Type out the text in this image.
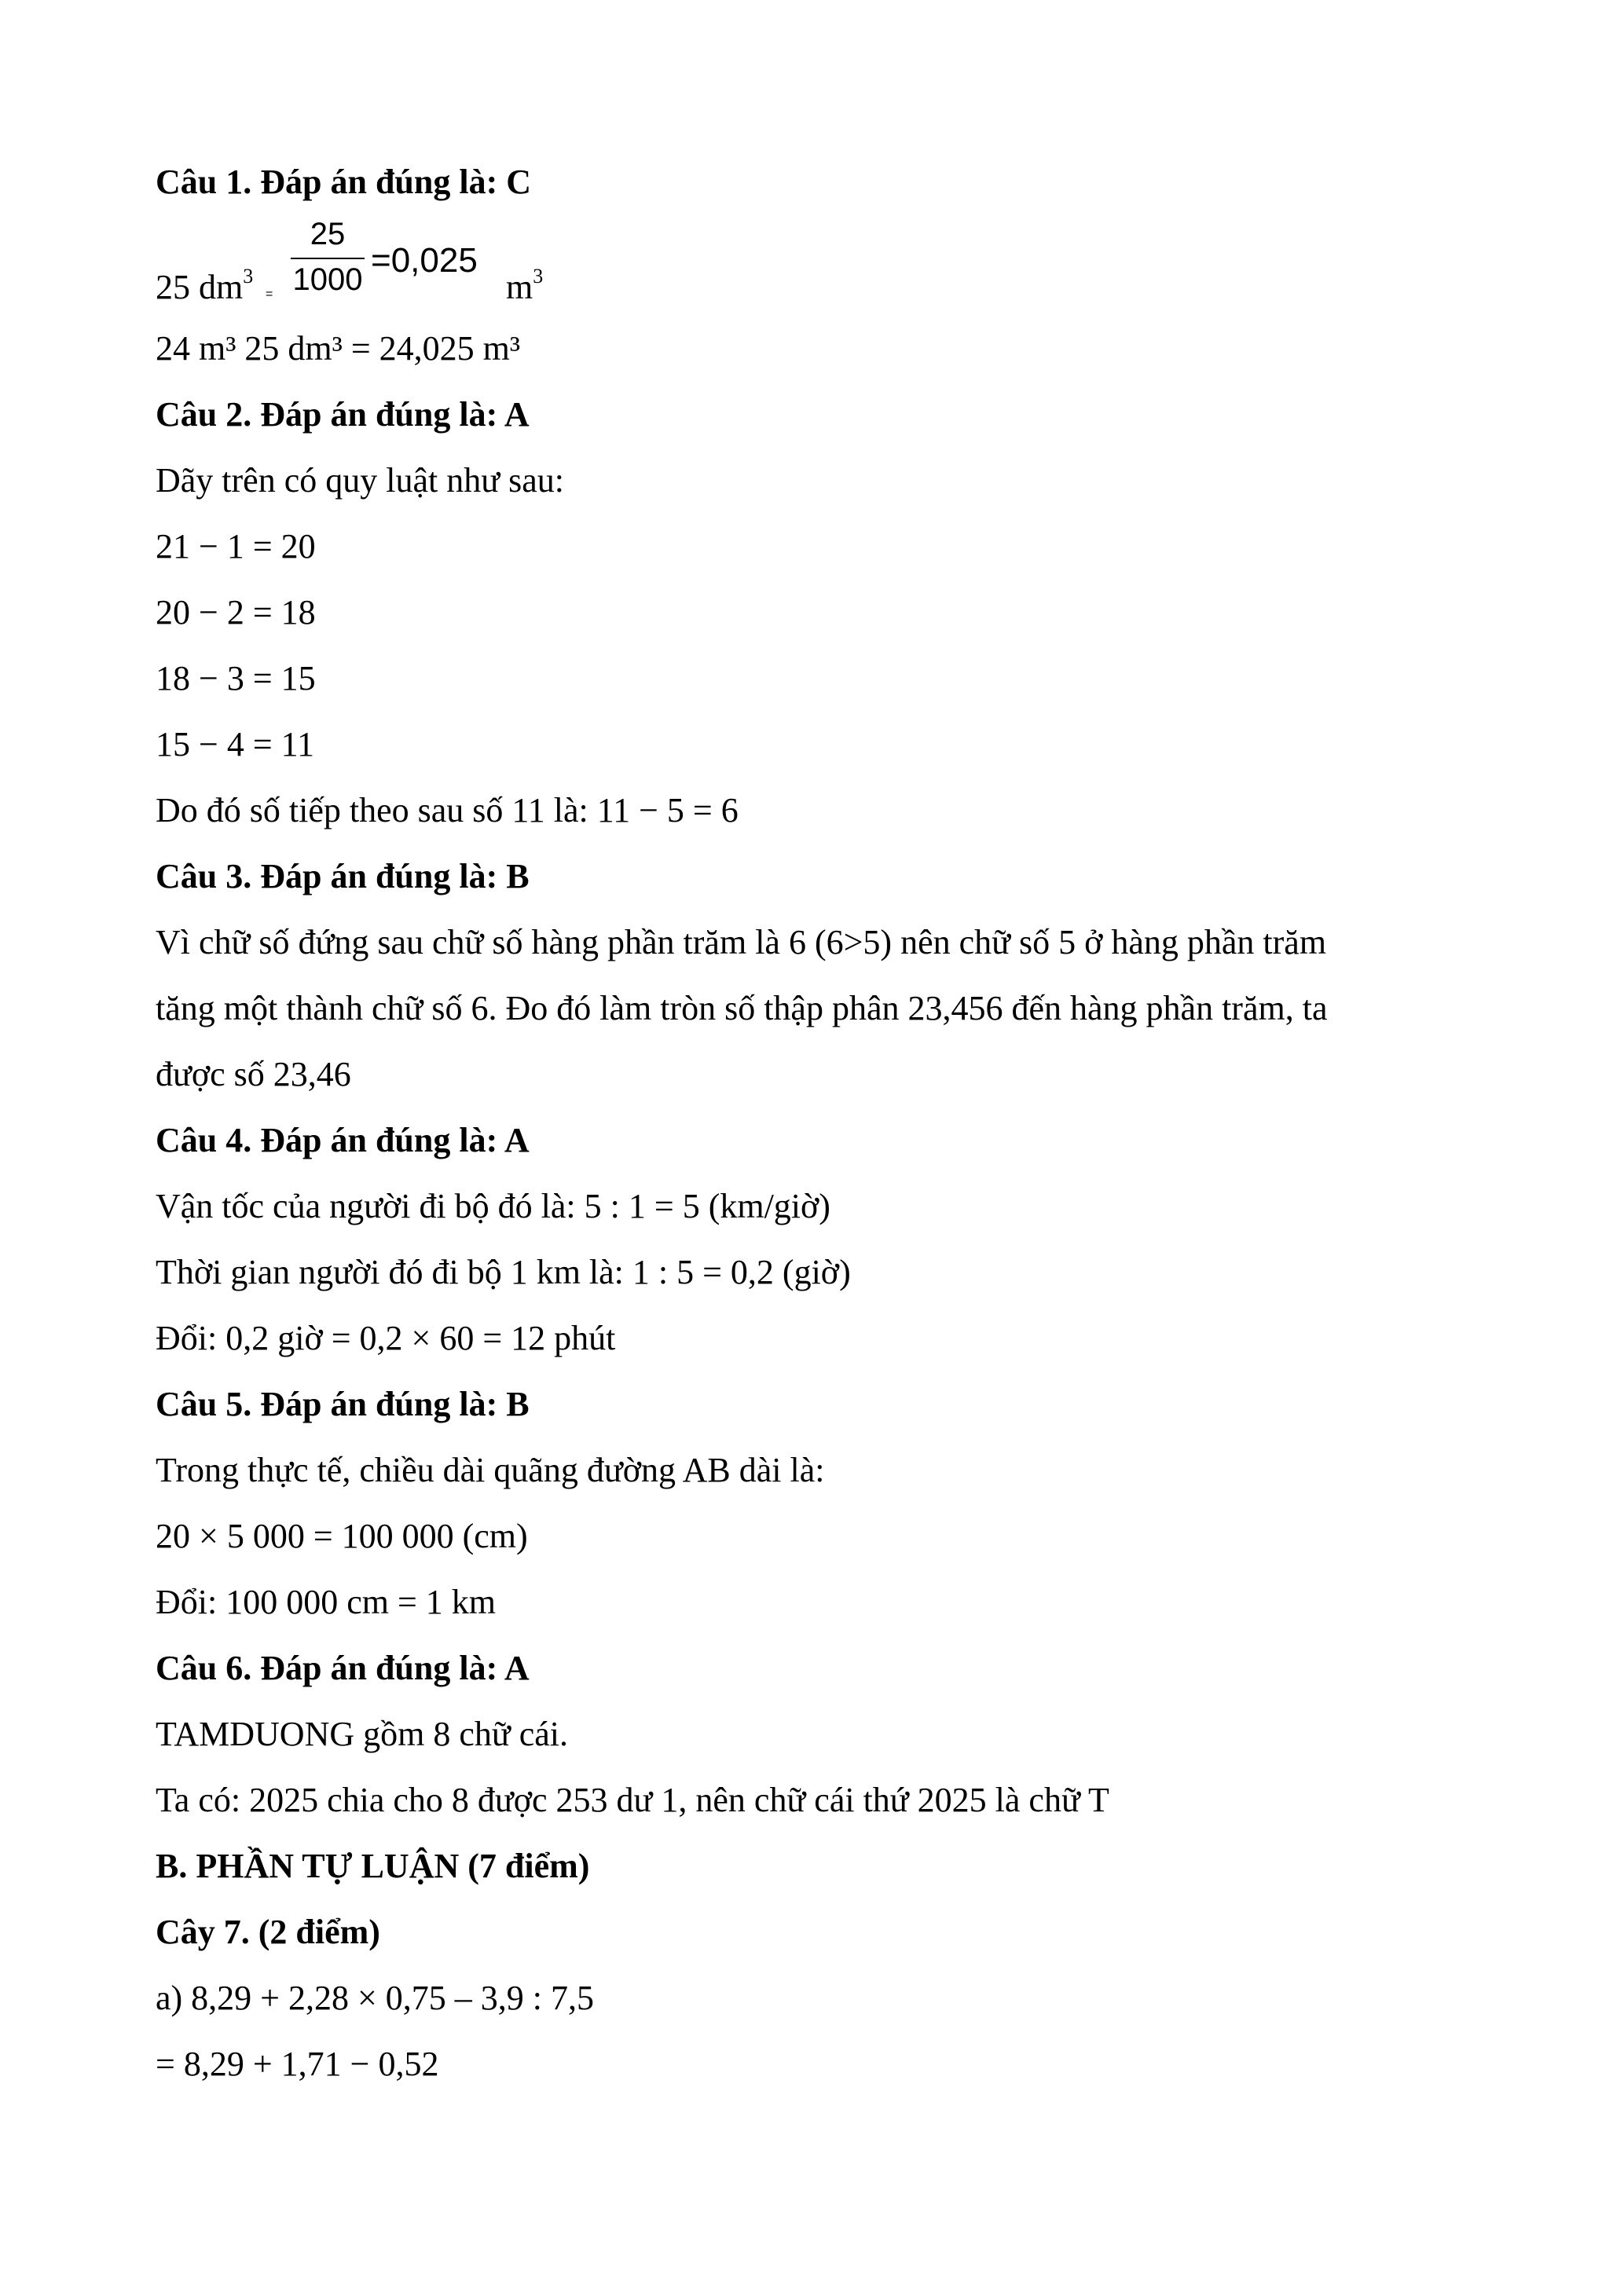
Câu 1. Đáp án đúng là: C
25 $dm^3$
=
25
1000 =0,025
$m^3$
24 m³ 25 dm³ = 24,025 m³
Câu 2. Đáp án đúng là: A
Dãy trên có quy luật như sau:
21 − 1 = 20
20 − 2 = 18
18 − 3 = 15
15 − 4 = 11
Do đó số tiếp theo sau số 11 là: 11 − 5 = 6
Câu 3. Đáp án đúng là: B
Vì chữ số đứng sau chữ số hàng phần trăm là 6 (6>5) nên chữ số 5 ở hàng phần trăm
tăng một thành chữ số 6. Đo đó làm tròn số thập phân 23,456 đến hàng phần trăm, ta
được số 23,46
Câu 4. Đáp án đúng là: A
Vận tốc của người đi bộ đó là: 5 : 1 = 5 (km/giờ)
Thời gian người đó đi bộ 1 km là: 1 : 5 = 0,2 (giờ)
Đổi: 0,2 giờ = 0,2 × 60 = 12 phút
Câu 5. Đáp án đúng là: B
Trong thực tế, chiều dài quãng đường AB dài là:
20 × 5 000 = 100 000 (cm)
Đổi: 100 000 cm = 1 km
Câu 6. Đáp án đúng là: A
TAMDUONG gồm 8 chữ cái.
Ta có: 2025 chia cho 8 được 253 dư 1, nên chữ cái thứ 2025 là chữ T
B. PHẦN TỰ LUẬN (7 điểm)
Cây 7. (2 điểm)
a) 8,29 + 2,28 × 0,75 – 3,9 : 7,5
= 8,29 + 1,71 − 0,52
